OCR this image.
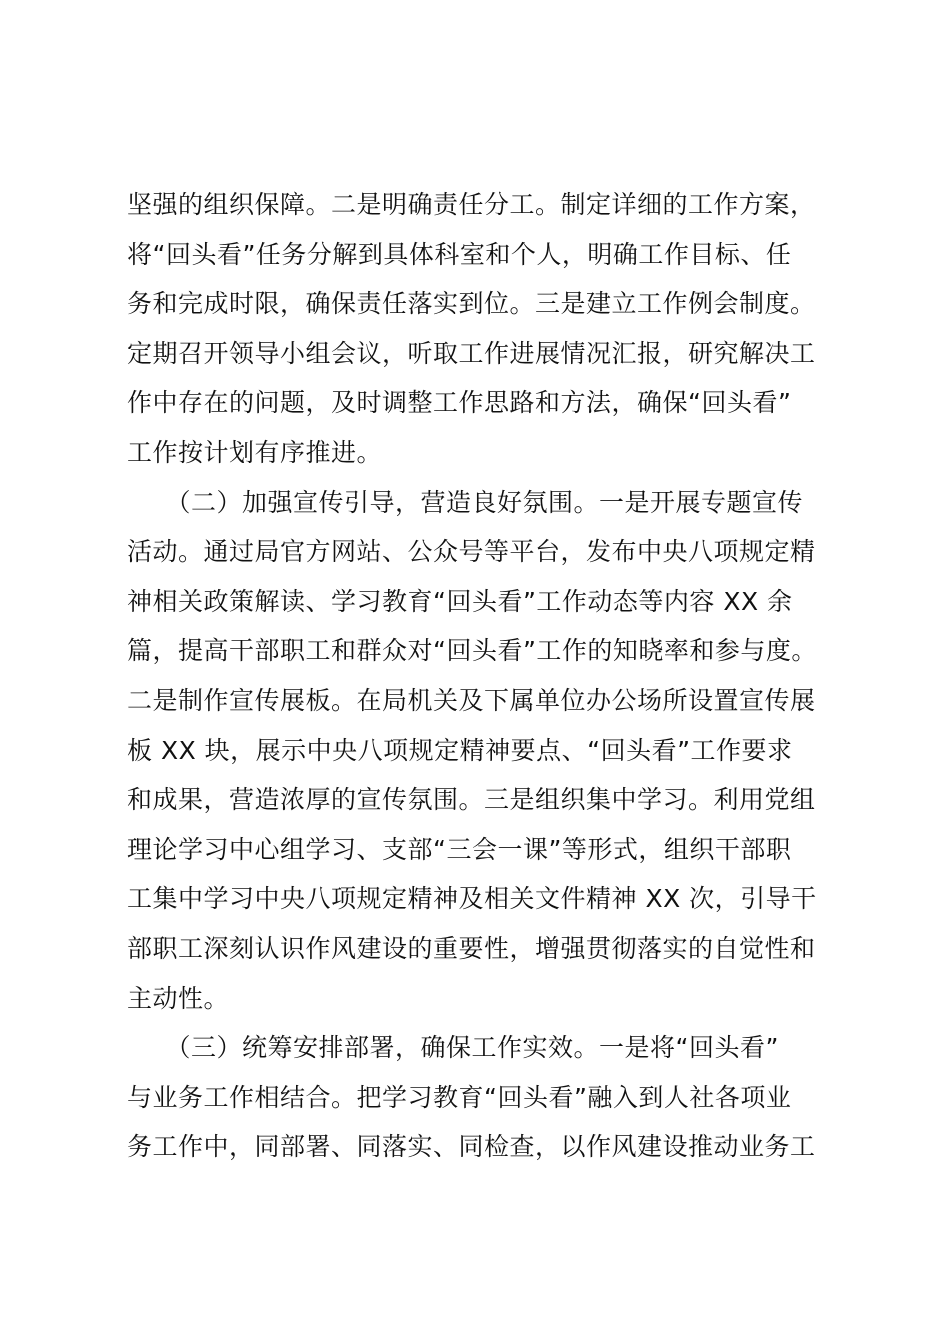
坚强的组织保障。二是明确责任分工。制定详细的工作方案，
将“回头看”任务分解到具体科室和个人，明确工作目标、任
务和完成时限，确保责任落实到位。三是建立工作例会制度。
定期召开领导小组会议，听取工作进展情况汇报，研究解决工
作中存在的问题，及时调整工作思路和方法，确保“回头看”
工作按计划有序推进。
　　（二）加强宣传引导，营造良好氛围。一是开展专题宣传
活动。通过局官方网站、公众号等平台，发布中央八项规定精
神相关政策解读、学习教育“回头看”工作动态等内容 XX 余
篇，提高干部职工和群众对“回头看”工作的知晓率和参与度。
二是制作宣传展板。在局机关及下属单位办公场所设置宣传展
板 XX 块，展示中央八项规定精神要点、“回头看”工作要求
和成果，营造浓厚的宣传氛围。三是组织集中学习。利用党组
理论学习中心组学习、支部“三会一课”等形式，组织干部职
工集中学习中央八项规定精神及相关文件精神 XX 次，引导干
部职工深刻认识作风建设的重要性，增强贯彻落实的自觉性和
主动性。
　　（三）统筹安排部署，确保工作实效。一是将“回头看”
与业务工作相结合。把学习教育“回头看”融入到人社各项业
务工作中，同部署、同落实、同检查，以作风建设推动业务工
